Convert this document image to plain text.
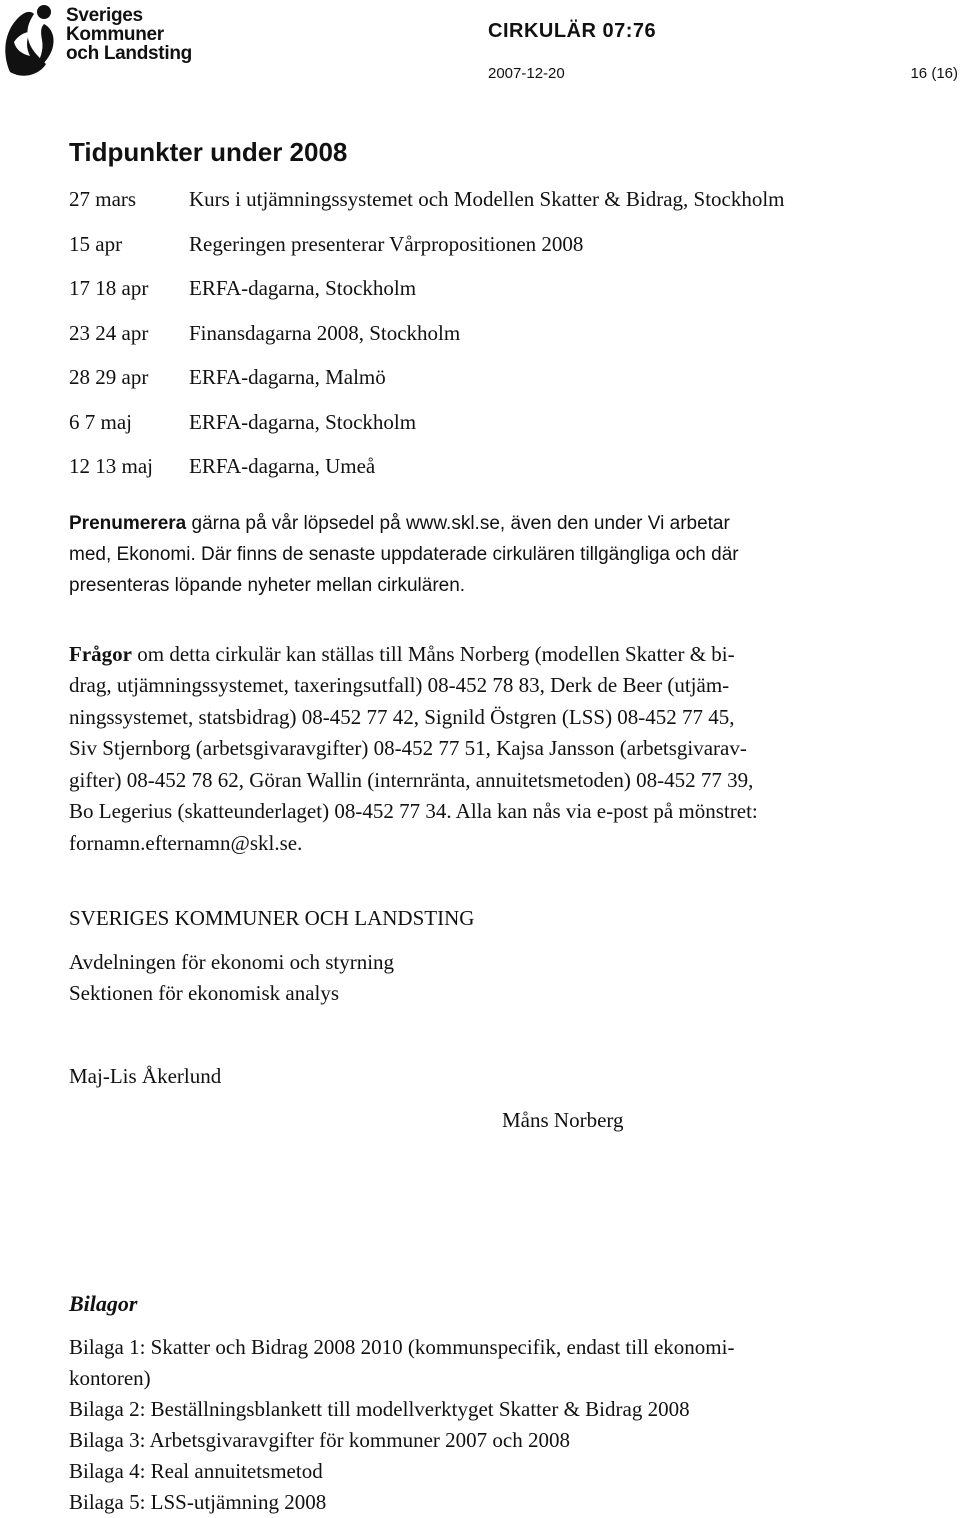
Sveriges
Kommuner
och Landsting
CIRKULÄR 07:76
2007-12-20	16 (16)
Tidpunkter under 2008
27 mars	Kurs i utjämningssystemet och Modellen Skatter & Bidrag, Stockholm
15 apr	Regeringen presenterar Vårpropositionen 2008
17 18 apr	ERFA-dagarna, Stockholm
23 24 apr	Finansdagarna 2008, Stockholm
28 29 apr	ERFA-dagarna, Malmö
6 7 maj	ERFA-dagarna, Stockholm
12 13 maj	ERFA-dagarna, Umeå

Prenumerera gärna på vår löpsedel på www.skl.se, även den under Vi arbetar
med, Ekonomi. Där finns de senaste uppdaterade cirkulären tillgängliga och där
presenteras löpande nyheter mellan cirkulären.

Frågor om detta cirkulär kan ställas till Måns Norberg (modellen Skatter & bi-
drag, utjämningssystemet, taxeringsutfall) 08-452 78 83, Derk de Beer (utjäm-
ningssystemet, statsbidrag) 08-452 77 42, Signild Östgren (LSS) 08-452 77 45,
Siv Stjernborg (arbetsgivaravgifter) 08-452 77 51, Kajsa Jansson (arbetsgivarav-
gifter) 08-452 78 62, Göran Wallin (internränta, annuitetsmetoden) 08-452 77 39,
Bo Legerius (skatteunderlaget) 08-452 77 34. Alla kan nås via e-post på mönstret:
fornamn.efternamn@skl.se.

SVERIGES KOMMUNER OCH LANDSTING
Avdelningen för ekonomi och styrning
Sektionen för ekonomisk analys
Maj-Lis Åkerlund
Måns Norberg
Bilagor
Bilaga 1: Skatter och Bidrag 2008 2010 (kommunspecifik, endast till ekonomi-
kontoren)
Bilaga 2: Beställningsblankett till modellverktyget Skatter & Bidrag 2008
Bilaga 3: Arbetsgivaravgifter för kommuner 2007 och 2008
Bilaga 4: Real annuitetsmetod
Bilaga 5: LSS-utjämning 2008
